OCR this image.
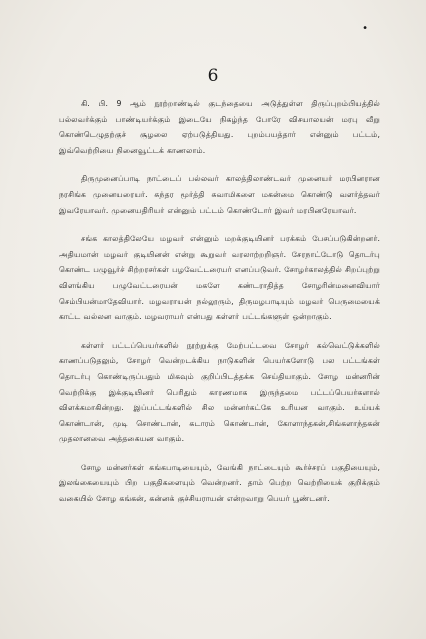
•
6

கி. பி. 9 ஆம் நூற்றாண்டில் குடந்தையை அடுத்துள்ள திருப்புறம்பியத்தில் பல்லவர்க்கும் பாண்டியர்க்கும் இடையே நிகழ்ந்த போரே விசயாலயன் மரபு வீறு கொண்டெழுதற்குச் சூழலை ஏற்படுத்தியது. புறம்பயத்தார் என்னும் பட்டம், இவ்வெற்றியை நினைவூட்டக் காணலாம்.

திருமுனைப்பாடி நாட்டைப் பல்லவர் காலத்திலாண்டவர் முனையர் மரபினரான நரசிங்க முனையரையர். சுந்தர மூர்த்தி சுவாமிகளை மகன்மை கொண்டு வளர்த்தவர் இவரேயாவர். முனையதிரியர் என்னும் பட்டம் கொண்டோர் இவர் மரபினரேயாவர்.

சங்க காலத்திலேயே மழவர் என்னும் மறக்குடியினர் பரக்கம் பேசப்படுகின்றனர். அதியமான் மழவர் குடியினன் என்று கூறுவர் வரலாற்றறிஞர். சேரநாட்டோடு தொடர்பு கொண்ட பழுவூர்ச் சிற்றரசர்கள் பழவேட்டரையர் எனப்படுவர். சோழர்காலத்தில் சிறப்புற்று விளங்கிய பழுவேட்டரையன் மகளே கண்டராதித்த சோழரின்மனைவியார் செம்பியன்மாதேவியார். மழவராயன் நல்லூரும், திருமழபாடியும் மழவர் பெருமையைக் காட்ட வல்லன வாகும். மழவராயர் என்பது கள்ளர் பட்டங்களுள் ஒன்றாகும்.

கள்ளர் பட்டப்பெயர்களில் நூற்றுக்கு மேற்பட்டவை சோழர் கல்வெட்டுக்களில் காணப்படுதலும், சோழர் வென்றடக்கிய நாடுகளின் பெயர்களோடு பல பட்டங்கள் தொடர்பு கொண்டிருப்பதும் மிகவும் குறிப்பிடத்தக்க செய்தியாகும். சோழ மன்னரின் வெற்றிக்கு இக்குடியினர் பெரிதும் காரணமாக இருந்தமை பட்டப்பெயர்களால் விளக்கமாகின்றது. இப்பட்டங்களில் சில மன்னர்கட்கே உரியன வாகும். உய்யக் கொண்டான், முடி சொண்டான், கடாரம் கொண்டான், கோளாந்தகன்,சிங்களாந்தகன் முதலானவை அத்தகையன வாகும்.

சோழ மன்னர்கள் கங்கபாடியையும், வேங்கி நாட்டையும் கூர்ச்சரப் பகுதியையும், இலங்கையையும் பிற பகுதிகளையும் வென்றனர். தாம் பெற்ற வெற்றியைக் குறிக்கும் வகையில் சோழ கங்கன், கன்னக் குச்சியராயன் என்றவாறு பெயர் பூண்டனர்.
